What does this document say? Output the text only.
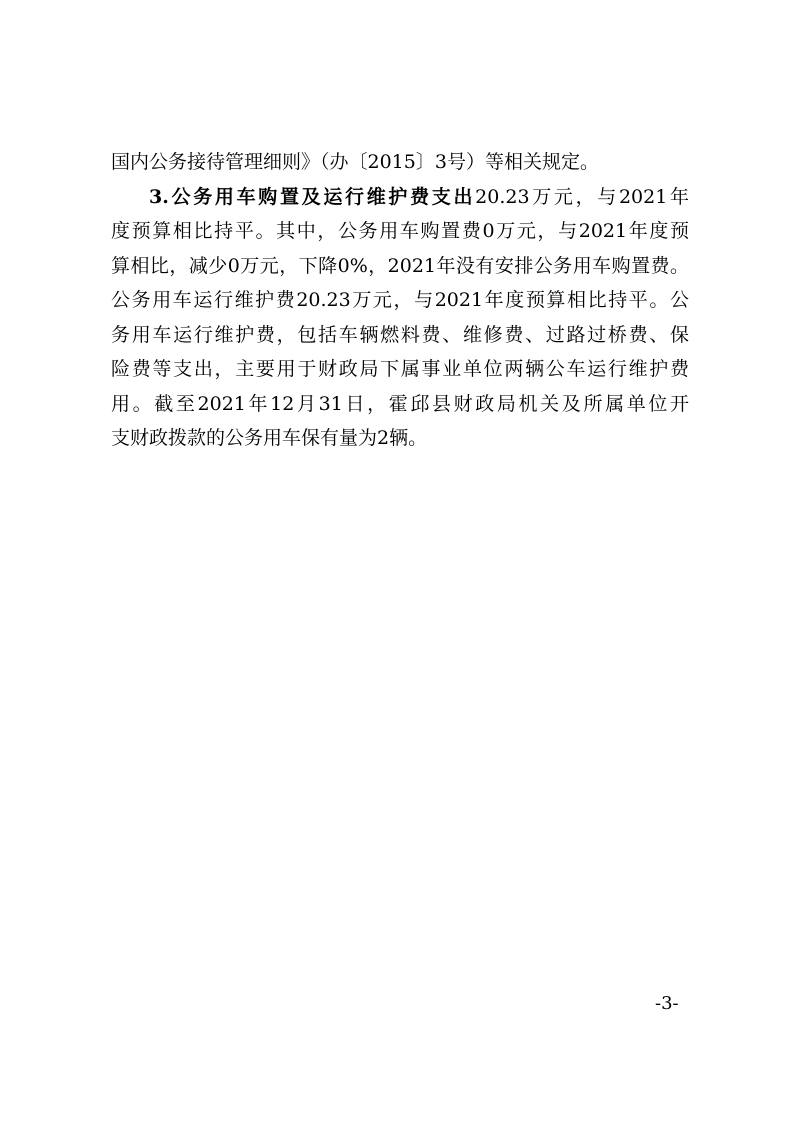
国内公务接待管理细则》（办〔2015〕3号）等相关规定。
3.公务用车购置及运行维护费支出20.23万元，与2021年
度预算相比持平。其中，公务用车购置费0万元，与2021年度预
算相比，减少0万元，下降0%，2021年没有安排公务用车购置费。
公务用车运行维护费20.23万元，与2021年度预算相比持平。公
务用车运行维护费，包括车辆燃料费、维修费、过路过桥费、保
险费等支出，主要用于财政局下属事业单位两辆公车运行维护费
用。截至2021年12月31日，霍邱县财政局机关及所属单位开
支财政拨款的公务用车保有量为2辆。
-3-
